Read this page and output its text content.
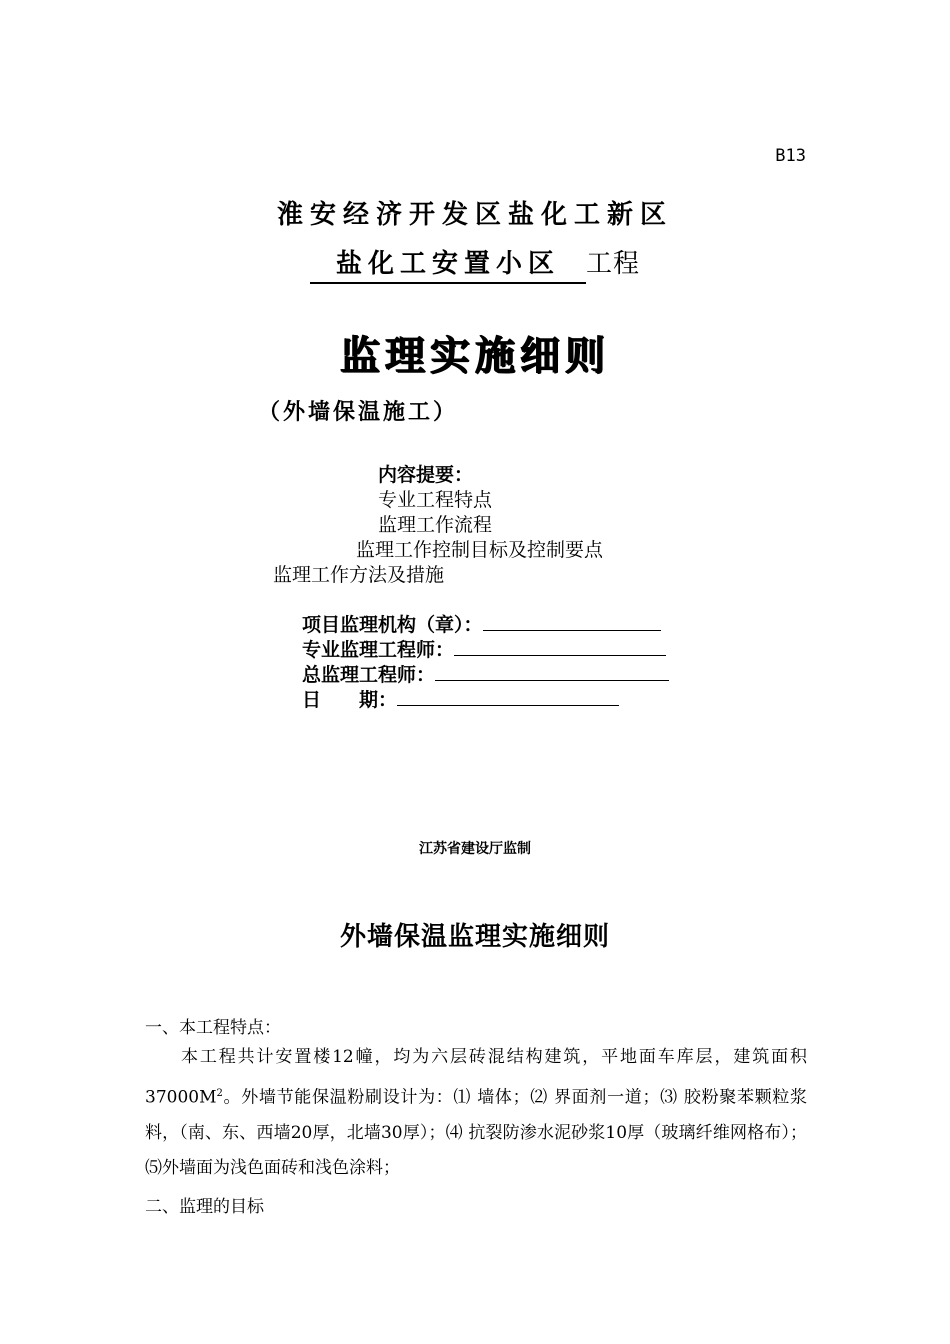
B13
淮安经济开发区盐化工新区
盐化工安置小区 工程
监理实施细则
（外墙保温施工）
内容提要：
专业工程特点
监理工作流程
监理工作控制目标及控制要点
监理工作方法及措施
项目监理机构（章）：
专业监理工程师：
总监理工程师：
日　　期：
江苏省建设厅监制
外墙保温监理实施细则
一、本工程特点：
本工程共计安置楼12幢，均为六层砖混结构建筑，平地面车库层，建筑面积$37000M^2$。外墙节能保温粉刷设计为：⑴ 墙体；⑵ 界面剂一道；⑶ 胶粉聚苯颗粒浆料，（南、东、西墙20厚，北墙30厚）；⑷ 抗裂防渗水泥砂浆10厚（玻璃纤维网格布）；⑸外墙面为浅色面砖和浅色涂料；
二、监理的目标
